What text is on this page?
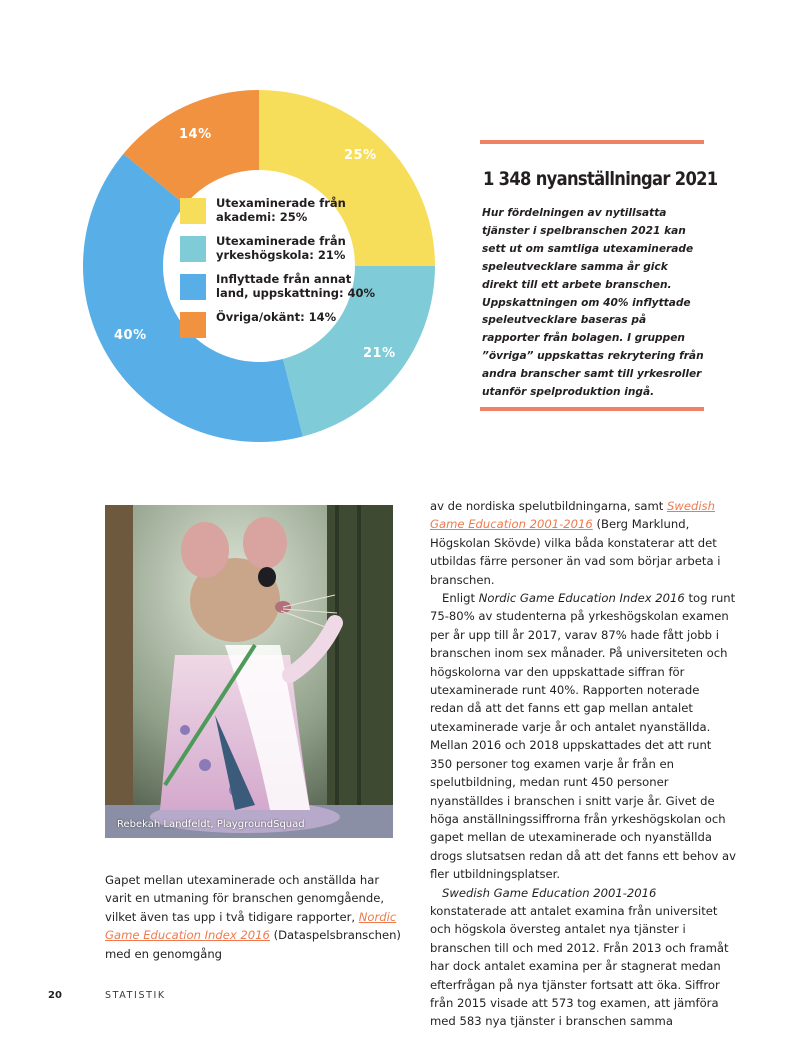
25%
21%
40%
14%
Utexaminerade från akademi: 25%
Utexaminerade från yrkeshögskola: 21%
Inflyttade från annat land, uppskattning: 40%
Övriga/okänt: 14%
1 348 nyanställningar 2021
Hur fördelningen av nytillsatta tjänster i spelbranschen 2021 kan sett ut om samtliga utexaminerade speleutvecklare samma år gick direkt till ett arbete branschen. Uppskattningen om 40% inflyttade speleutvecklare baseras på rapporter från bolagen. I gruppen ”övriga” uppskattas rekrytering från andra branscher samt till yrkesroller utanför spelproduktion ingå.
Rebekah Landfeldt, PlaygroundSquad

Gapet mellan utexaminerade och anställda har varit en utmaning för branschen genomgående, vilket även tas upp i två tidigare rapporter, Nordic Game Education Index 2016 (Dataspelsbranschen) med en genomgång

av de nordiska spelutbildningarna, samt Swedish Game Education 2001-2016 (Berg Marklund, Högskolan Skövde) vilka båda konstaterar att det utbildas färre personer än vad som börjar arbeta i branschen.

Enligt Nordic Game Education Index 2016 tog runt 75-80% av studenterna på yrkeshögskolan examen per år upp till år 2017, varav 87% hade fått jobb i branschen inom sex månader. På universiteten och högskolorna var den uppskattade siffran för utexaminerade runt 40%. Rapporten noterade redan då att det fanns ett gap mellan antalet utexaminerade varje år och antalet nyanställda. Mellan 2016 och 2018 uppskattades det att runt 350 personer tog examen varje år från en spelutbildning, medan runt 450 personer nyanställdes i branschen i snitt varje år. Givet de höga anställningssiffrorna från yrkeshögskolan och gapet mellan de utexaminerade och nyanställda drogs slutsatsen redan då att det fanns ett behov av fler utbildningsplatser.

Swedish Game Education 2001-2016 konstaterade att antalet examina från universitet och högskola översteg antalet nya tjänster i branschen till och med 2012. Från 2013 och framåt har dock antalet examina per år stagnerat medan efterfrågan på nya tjänster fortsatt att öka. Siffror från 2015 visade att 573 tog examen, att jämföra med 583 nya tjänster i branschen samma

20	STATISTIK
